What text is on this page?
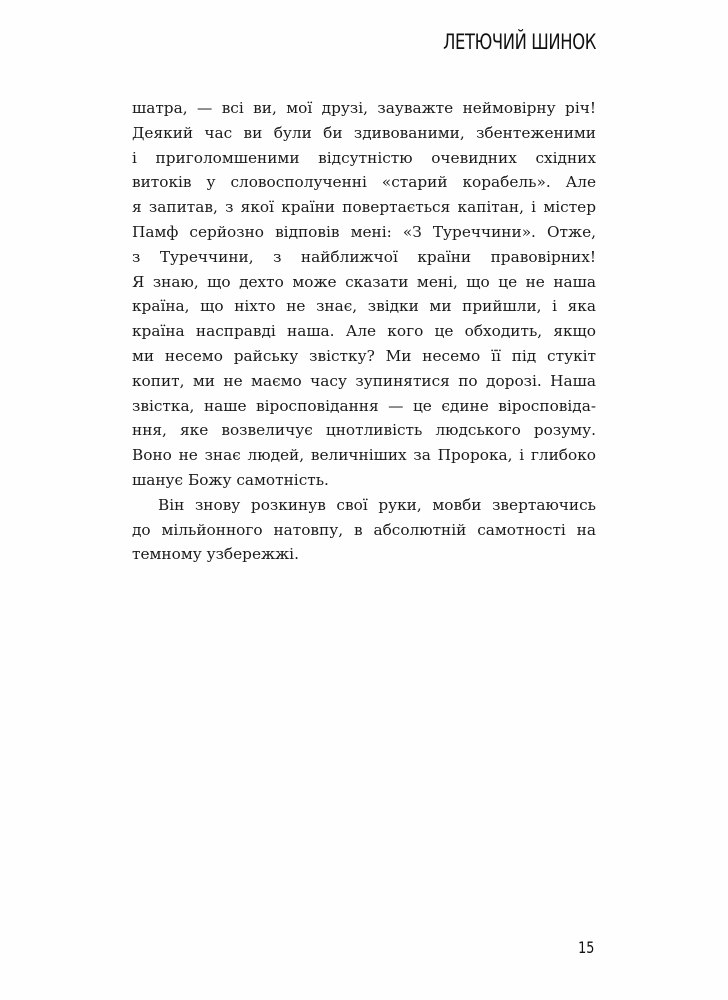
ЛЕТЮЧИЙ ШИНОК

шатра, — всі ви, мої друзі, зауважте неймовірну річ!
Деякий час ви були би здивованими, збентеженими
і приголомшеними відсутністю очевидних східних
витоків у словосполученні «старий корабель». Але
я запитав, з якої країни повертається капітан, і містер
Памф серйозно відповів мені: «З Туреччини». Отже,
з Туреччини, з найближчої країни правовірних!
Я знаю, що дехто може сказати мені, що це не наша
країна, що ніхто не знає, звідки ми прийшли, і яка
країна насправді наша. Але кого це обходить, якщо
ми несемо райську звістку? Ми несемо її під стукіт
копит, ми не маємо часу зупинятися по дорозі. Наша
звістка, наше віросповідання — це єдине віросповіда-
ння, яке возвеличує цнотливість людського розуму.
Воно не знає людей, величніших за Пророка, і глибоко
шанує Божу самотність.

Він знову розкинув свої руки, мовби звертаючись
до мільйонного натовпу, в абсолютній самотності на
темному узбережжі.

15
